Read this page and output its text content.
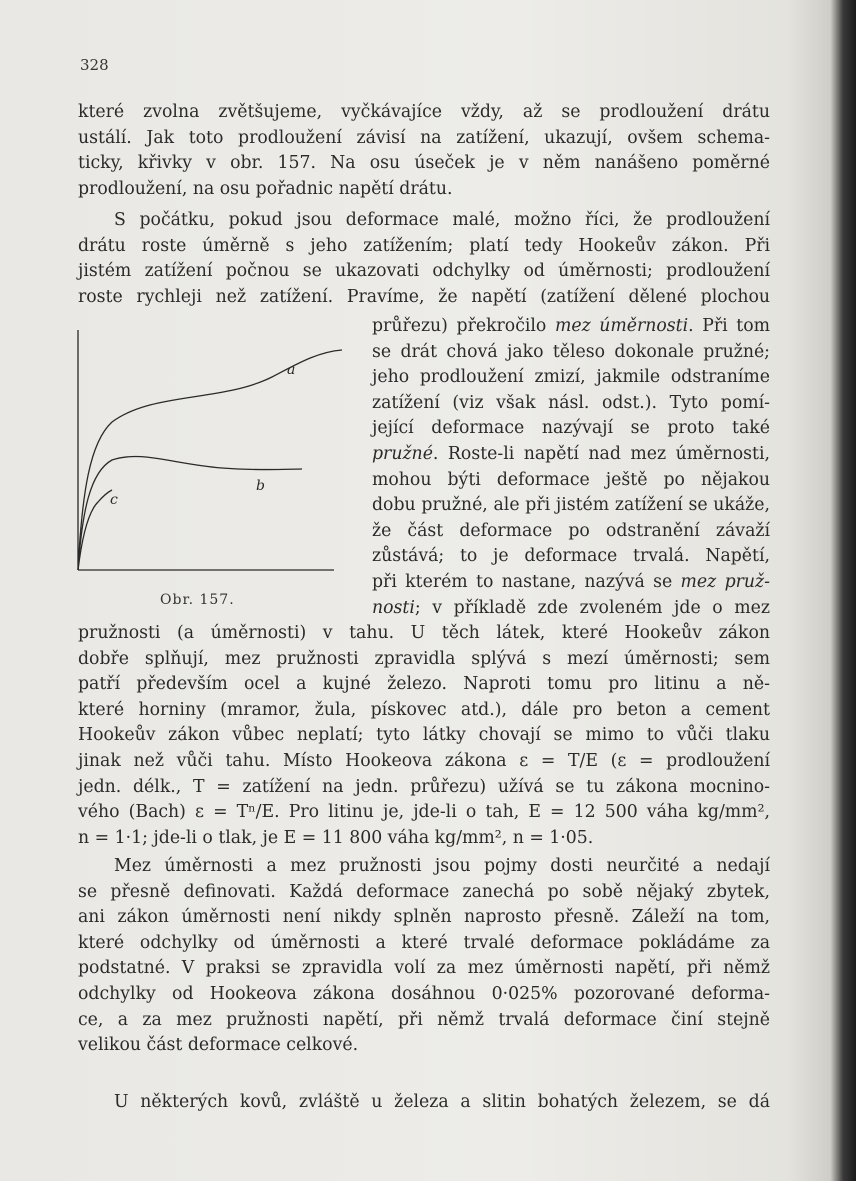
328
které zvolna zvětšujeme, vyčkávajíce vždy, až se prodloužení drátu
ustálí. Jak toto prodloužení závisí na zatížení, ukazují, ovšem schema-
ticky, křivky v obr. 157. Na osu úseček je v něm nanášeno poměrné
prodloužení, na osu pořadnic napětí drátu.
S počátku, pokud jsou deformace malé, možno říci, že prodloužení
drátu roste úměrně s jeho zatížením; platí tedy Hookeův zákon. Při
jistém zatížení počnou se ukazovati odchylky od úměrnosti; prodloužení
roste rychleji než zatížení. Pravíme, že napětí (zatížení dělené plochou
a
b
c
Obr. 157.
průřezu) překročilo mez úměrnosti. Při tom
se drát chová jako těleso dokonale pružné;
jeho prodloužení zmizí, jakmile odstraníme
zatížení (viz však násl. odst.). Tyto pomí-
jející deformace nazývají se proto také
pružné. Roste-li napětí nad mez úměrnosti,
mohou býti deformace ještě po nějakou
dobu pružné, ale při jistém zatížení se ukáže,
že část deformace po odstranění závaží
zůstává; to je deformace trvalá. Napětí,
při kterém to nastane, nazývá se mez pruž-
nosti; v příkladě zde zvoleném jde o mez
pružnosti (a úměrnosti) v tahu. U těch látek, které Hookeův zákon
dobře splňují, mez pružnosti zpravidla splývá s mezí úměrnosti; sem
patří především ocel a kujné železo. Naproti tomu pro litinu a ně-
které horniny (mramor, žula, pískovec atd.), dále pro beton a cement
Hookeův zákon vůbec neplatí; tyto látky chovají se mimo to vůči tlaku
jinak než vůči tahu. Místo Hookeova zákona ε = T/E (ε = prodloužení
jedn. délk., T = zatížení na jedn. průřezu) užívá se tu zákona mocnino-
vého (Bach) ε = Tⁿ/E. Pro litinu je, jde-li o tah, E = 12 500 váha kg/mm²,
n = 1·1; jde-li o tlak, je E = 11 800 váha kg/mm², n = 1·05.
Mez úměrnosti a mez pružnosti jsou pojmy dosti neurčité a nedají
se přesně definovati. Každá deformace zanechá po sobě nějaký zbytek,
ani zákon úměrnosti není nikdy splněn naprosto přesně. Záleží na tom,
které odchylky od úměrnosti a které trvalé deformace pokládáme za
podstatné. V praksi se zpravidla volí za mez úměrnosti napětí, při němž
odchylky od Hookeova zákona dosáhnou 0·025% pozorované deforma-
ce, a za mez pružnosti napětí, při němž trvalá deformace činí stejně
velikou část deformace celkové.
U některých kovů, zvláště u železa a slitin bohatých železem, se dá
